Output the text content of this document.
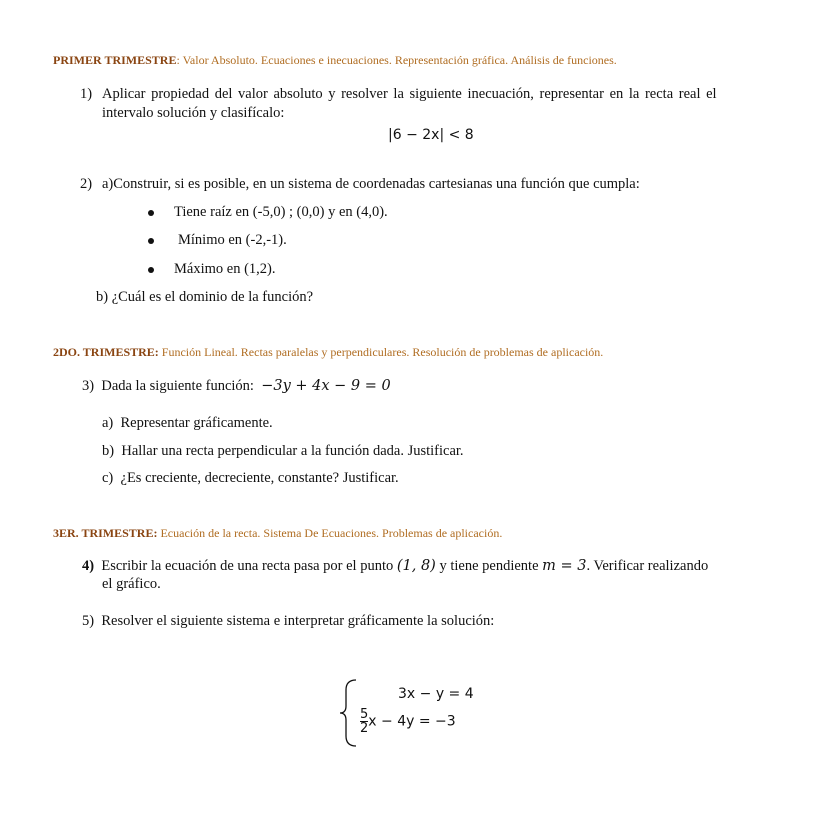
PRIMER TRIMESTRE: Valor Absoluto. Ecuaciones e inecuaciones. Representación gráfica. Análisis de funciones.
1) Aplicar propiedad del valor absoluto y resolver la siguiente inecuación, representar en la recta real el
intervalo solución y clasifícalo:
|6 − 2x| < 8
2) a)Construir, si es posible, en un sistema de coordenadas cartesianas una función que cumpla:
Tiene raíz en (-5,0) ; (0,0) y en (4,0).
Mínimo en (-2,-1).
Máximo en (1,2).
b) ¿Cuál es el dominio de la función?
2DO. TRIMESTRE: Función Lineal. Rectas paralelas y perpendiculares. Resolución de problemas de aplicación.
3) Dada la siguiente función: −3y + 4x − 9 = 0
a) Representar gráficamente.
b) Hallar una recta perpendicular a la función dada. Justificar.
c) ¿Es creciente, decreciente, constante? Justificar.
3ER. TRIMESTRE: Ecuación de la recta. Sistema De Ecuaciones. Problemas de aplicación.
4) Escribir la ecuación de una recta pasa por el punto (1, 8) y tiene pendiente m = 3. Verificar realizando
el gráfico.
5) Resolver el siguiente sistema e interpretar gráficamente la solución:
3x − y = 4
$\frac{5}{2}$ x − 4y = −3
